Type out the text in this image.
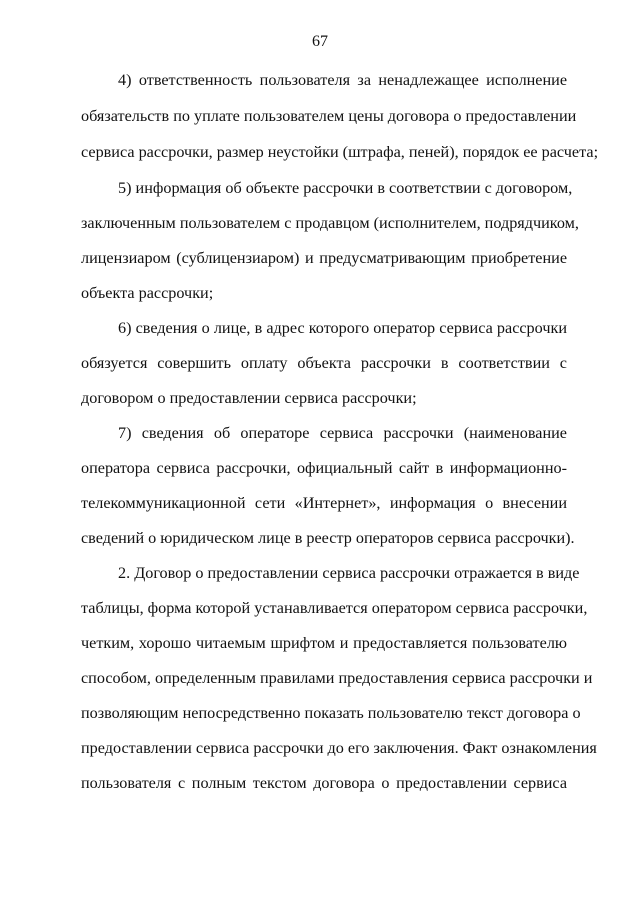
67
4) ответственность пользователя за ненадлежащее исполнение
обязательств по уплате пользователем цены договора о предоставлении
сервиса рассрочки, размер неустойки (штрафа, пеней), порядок ее расчета;
5) информация об объекте рассрочки в соответствии с договором,
заключенным пользователем с продавцом (исполнителем, подрядчиком,
лицензиаром (сублицензиаром) и предусматривающим приобретение
объекта рассрочки;
6) сведения о лице, в адрес которого оператор сервиса рассрочки
обязуется совершить оплату объекта рассрочки в соответствии с
договором о предоставлении сервиса рассрочки;
7) сведения об операторе сервиса рассрочки (наименование
оператора сервиса рассрочки, официальный сайт в информационно-
телекоммуникационной сети «Интернет», информация о внесении
сведений о юридическом лице в реестр операторов сервиса рассрочки).
2. Договор о предоставлении сервиса рассрочки отражается в виде
таблицы, форма которой устанавливается оператором сервиса рассрочки,
четким, хорошо читаемым шрифтом и предоставляется пользователю
способом, определенным правилами предоставления сервиса рассрочки и
позволяющим непосредственно показать пользователю текст договора о
предоставлении сервиса рассрочки до его заключения. Факт ознакомления
пользователя с полным текстом договора о предоставлении сервиса
